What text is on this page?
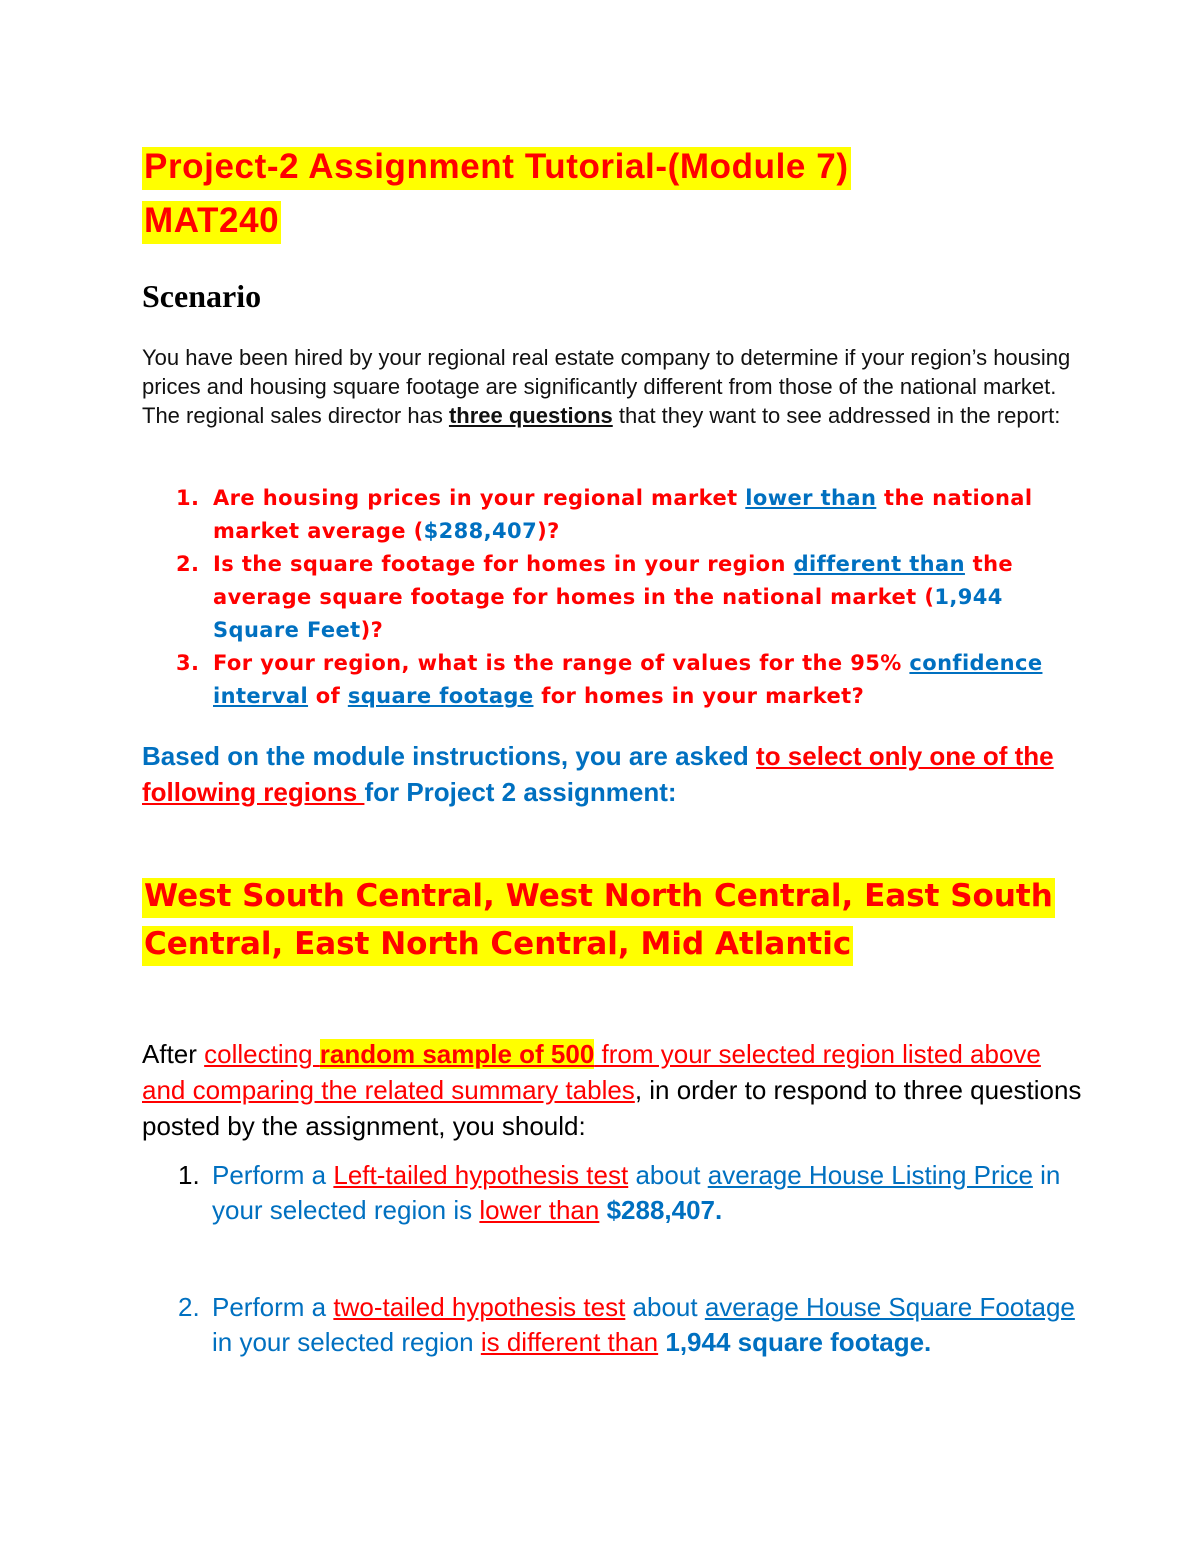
Project-2 Assignment Tutorial-(Module 7)
MAT240
Scenario

You have been hired by your regional real estate company to determine if your region’s housing prices and housing square footage are significantly different from those of the national market. The regional sales director has three questions that they want to see addressed in the report:

1. Are housing prices in your regional market lower than the national market average ($288,407)?
2. Is the square footage for homes in your region different than the average square footage for homes in the national market (1,944 Square Feet)?
3. For your region, what is the range of values for the 95% confidence interval of square footage for homes in your market?

Based on the module instructions, you are asked to select only one of the following regions for Project 2 assignment:

West South Central, West North Central, East South
Central, East North Central, Mid Atlantic

After collecting random sample of 500 from your selected region listed above and comparing the related summary tables, in order to respond to three questions posted by the assignment, you should:

1. Perform a Left-tailed hypothesis test about average House Listing Price in your selected region is lower than $288,407.
2. Perform a two-tailed hypothesis test about average House Square Footage in your selected region is different than 1,944 square footage.
